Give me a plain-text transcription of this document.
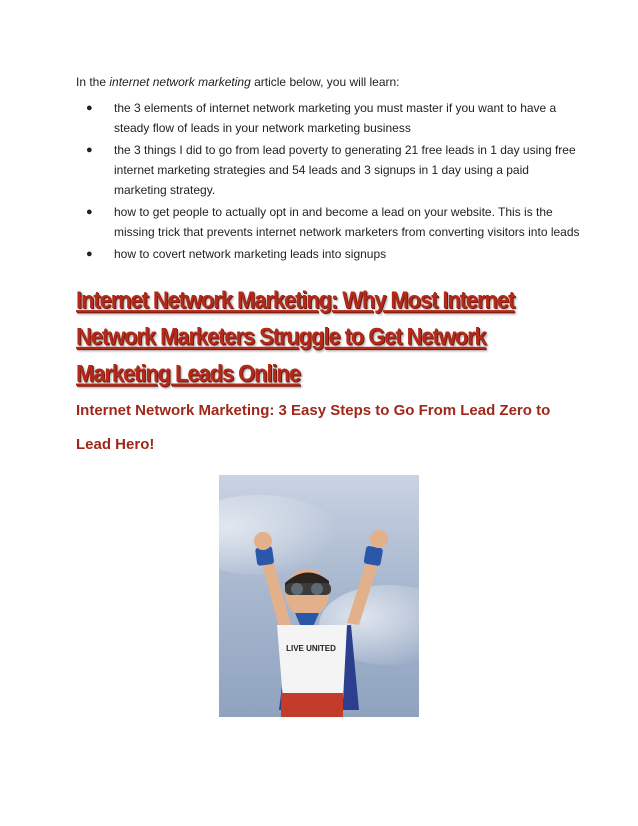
In the internet network marketing article below, you will learn:

● the 3 elements of internet network marketing you must master if you want to have a steady flow of leads in your network marketing business
● the 3 things I did to go from lead poverty to generating 21 free leads in 1 day using free internet marketing strategies and 54 leads and 3 signups in 1 day using a paid marketing strategy.
● how to get people to actually opt in and become a lead on your website. This is the missing trick that prevents internet network marketers from converting visitors into leads
● how to covert network marketing leads into signups
Internet Network Marketing: Why Most Internet Network Marketers Struggle to Get Network Marketing Leads Online
Internet Network Marketing: 3 Easy Steps to Go From Lead Zero to Lead Hero!
LIVE UNITED
